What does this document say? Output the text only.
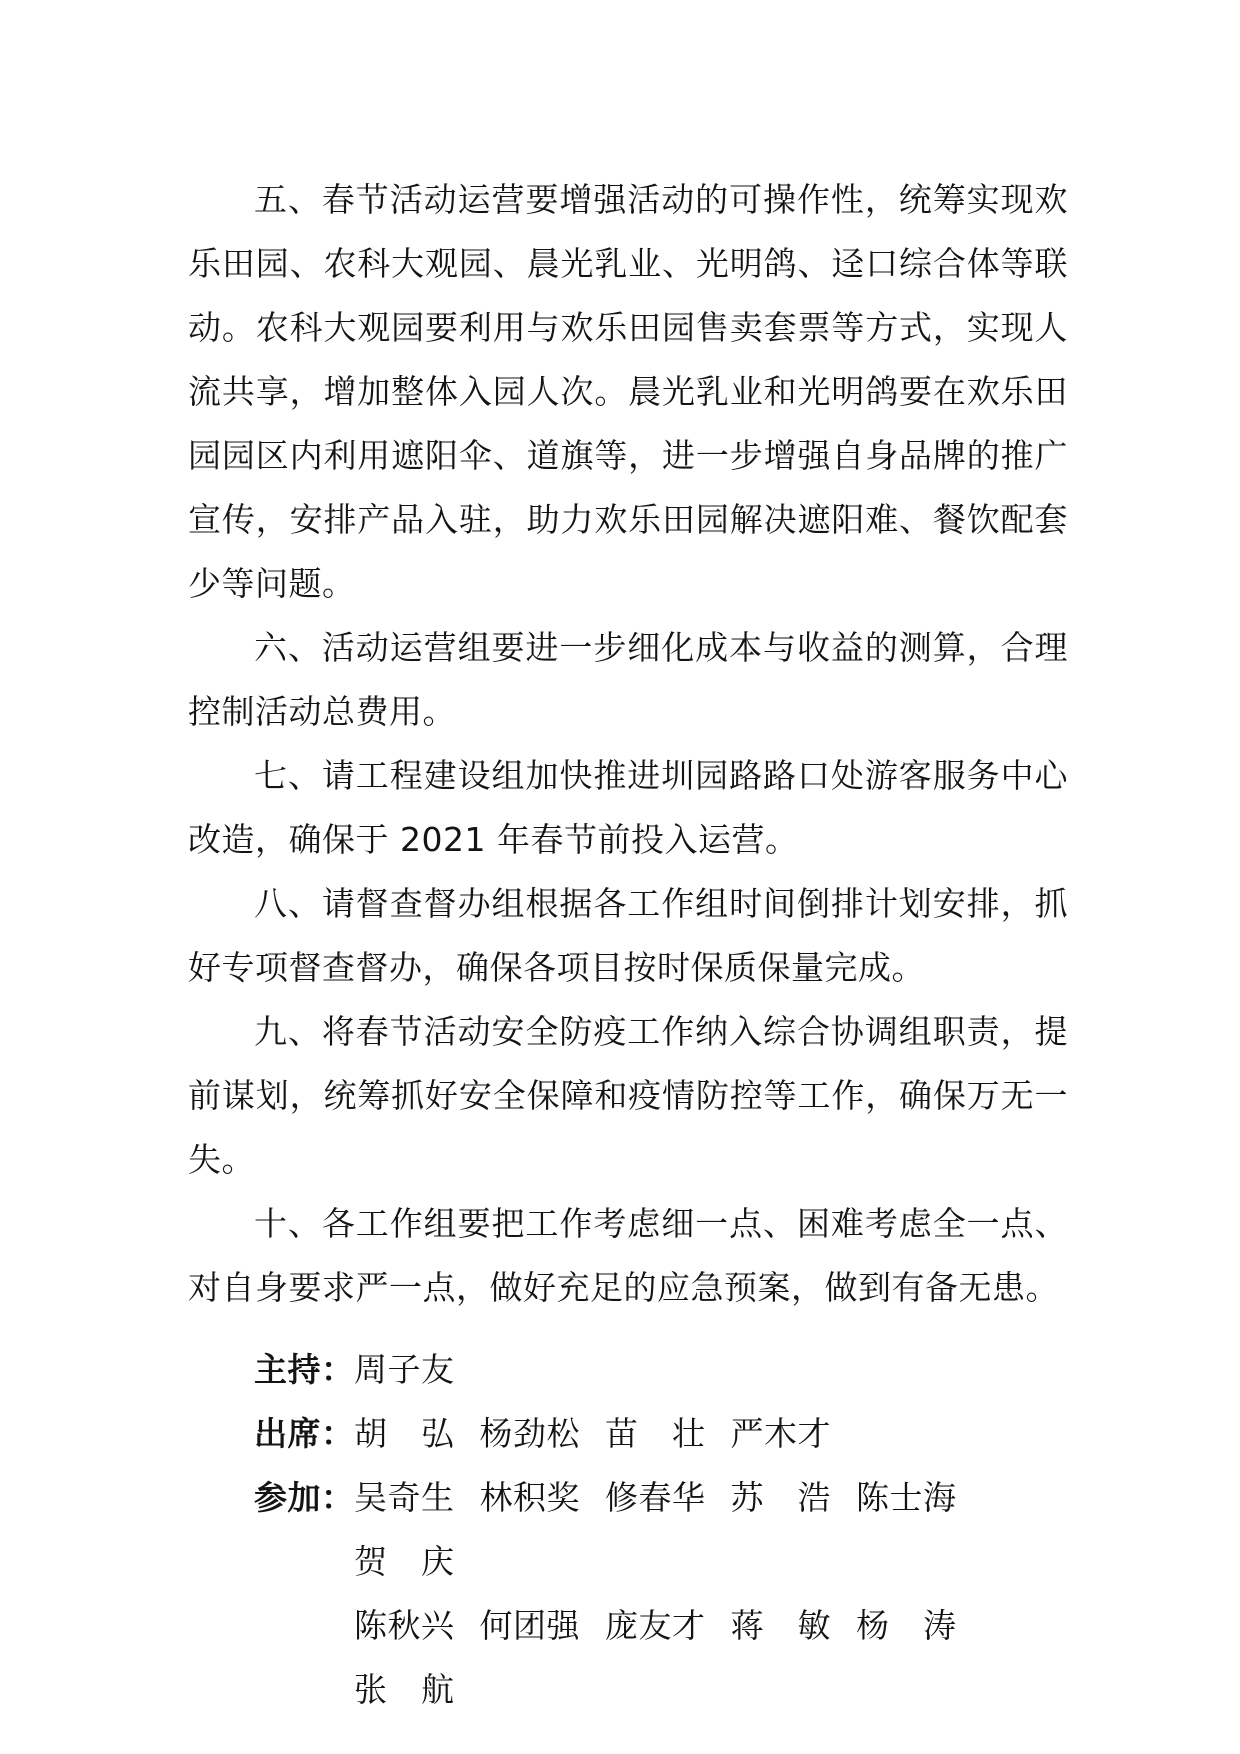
五、春节活动运营要增强活动的可操作性，统筹实现欢乐田园、农科大观园、晨光乳业、光明鸽、迳口综合体等联动。农科大观园要利用与欢乐田园售卖套票等方式，实现人流共享，增加整体入园人次。晨光乳业和光明鸽要在欢乐田园园区内利用遮阳伞、道旗等，进一步增强自身品牌的推广宣传，安排产品入驻，助力欢乐田园解决遮阳难、餐饮配套少等问题。

六、活动运营组要进一步细化成本与收益的测算，合理控制活动总费用。

七、请工程建设组加快推进圳园路路口处游客服务中心改造，确保于 2021 年春节前投入运营。

八、请督查督办组根据各工作组时间倒排计划安排，抓好专项督查督办，确保各项目按时保质保量完成。

九、将春节活动安全防疫工作纳入综合协调组职责，提前谋划，统筹抓好安全保障和疫情防控等工作，确保万无一失。

十、各工作组要把工作考虑细一点、困难考虑全一点、对自身要求严一点，做好充足的应急预案，做到有备无患。

主持： 周子友
出席： 胡　弘 杨劲松 苗　壮 严木才
参加： 吴奇生 林积奖 修春华 苏　浩 陈士海 贺　庆
陈秋兴 何团强 庞友才 蒋　敏 杨　涛 张　航
